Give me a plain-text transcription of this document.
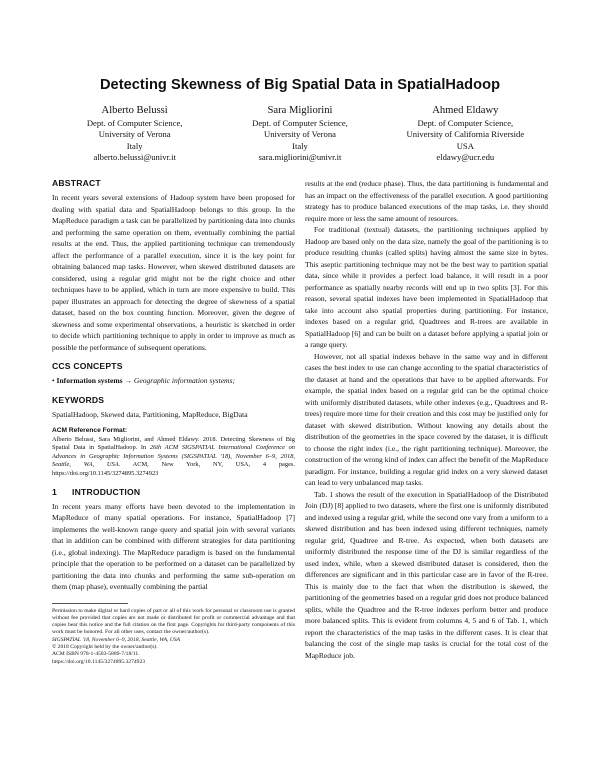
Detecting Skewness of Big Spatial Data in SpatialHadoop
Alberto Belussi
Dept. of Computer Science,
University of Verona
Italy
alberto.belussi@univr.it
Sara Migliorini
Dept. of Computer Science,
University of Verona
Italy
sara.migliorini@univr.it
Ahmed Eldawy
Dept. of Computer Science,
University of California Riverside
USA
eldawy@ucr.edu
ABSTRACT

In recent years several extensions of Hadoop system have been proposed for dealing with spatial data and SpatialHadoop belongs to this group. In the MapReduce paradigm a task can be parallelized by partitioning data into chunks and performing the same operation on them, eventually combining the partial results at the end. Thus, the applied partitioning technique can tremendously affect the performance of a parallel execution, since it is the key point for obtaining balanced map tasks. However, when skewed distributed datasets are considered, using a regular grid might not be the right choice and other techniques have to be applied, which in turn are more expensive to build. This paper illustrates an approach for detecting the degree of skewness of a spatial dataset, based on the box counting function. Moreover, given the degree of skewness and some experimental observations, a heuristic is sketched in order to decide which partitioning technique to apply in order to improve as much as possible the performance of subsequent operations.

CCS CONCEPTS
• Information systems → Geographic information systems;
KEYWORDS

SpatialHadoop, Skewed data, Partitioning, MapReduce, BigData

ACM Reference Format:
Alberto Belussi, Sara Migliorini, and Ahmed Eldawy. 2018. Detecting Skewness of Big Spatial Data in SpatialHadoop. In 26th ACM SIGSPATIAL International Conference on Advances in Geographic Information Systems (SIGSPATIAL '18), November 6–9, 2018, Seattle, WA, USA. ACM, New York, NY, USA, 4 pages. https://doi.org/10.1145/3274895.3274923
1 INTRODUCTION

In recent years many efforts have been devoted to the implementation in MapReduce of many spatial operations. For instance, SpatialHadoop [7] implements the well-known range query and spatial join with several variants that in addition can be combined with different strategies for data partitioning (i.e., global indexing). The MapReduce paradigm is based on the fundamental principle that the operation to be performed on a dataset can be parallelized by partitioning the data into chunks and performing the same sub-operation on them (map phase), eventually combining the partial

Permission to make digital or hard copies of part or all of this work for personal or classroom use is granted without fee provided that copies are not made or distributed for profit or commercial advantage and that copies bear this notice and the full citation on the first page. Copyrights for third-party components of this work must be honored. For all other uses, contact the owner/author(s).
SIGSPATIAL '18, November 6–9, 2018, Seattle, WA, USA
© 2018 Copyright held by the owner/author(s).
ACM ISBN 978-1-4503-5889-7/18/11.
https://doi.org/10.1145/3274895.3274923

results at the end (reduce phase). Thus, the data partitioning is fundamental and has an impact on the effectiveness of the parallel execution. A good partitioning strategy has to produce balanced executions of the map tasks, i.e. they should require more or less the same amount of resources.

For traditional (textual) datasets, the partitioning techniques applied by Hadoop are based only on the data size, namely the goal of the partitioning is to produce resulting chunks (called splits) having almost the same size in bytes. This aseptic partitioning technique may not be the best way to partition spatial data, since while it provides a perfect load balance, it will result in a poor performance as spatially nearby records will end up in two splits [3]. For this reason, several spatial indexes have been implemented in SpatialHadoop that take into account also spatial properties during partitioning. For instance, indexes based on a regular grid, Quadtrees and R-trees are available in SpatialHadoop [6] and can be built on a dataset before applying a spatial join or a range query.

However, not all spatial indexes behave in the same way and in different cases the best index to use can change according to the spatial characteristics of the dataset at hand and the operations that have to be applied afterwards. For example, the spatial index based on a regular grid can be the optimal choice with uniformly distributed datasets, while other indexes (e.g., Quadtrees and R-trees) require more time for their creation and this cost may be justified only for dataset with skewed distribution. Without knowing any details about the distribution of the geometries in the space covered by the dataset, it is difficult to choose the right index (i.e., the right partitioning technique). Moreover, the construction of the wrong kind of index can affect the benefit of the MapReduce paradigm. For instance, building a regular grid index on a very skewed dataset can lead to very unbalanced map tasks.

Tab. 1 shows the result of the execution in SpatialHadoop of the Distributed Join (DJ) [8] applied to two datasets, where the first one is uniformly distributed and indexed using a regular grid, while the second one vary from a uniform to a skewed distribution and has been indexed using different techniques, namely regular grid, Quadtree and R-tree. As expected, when both datasets are uniformly distributed the response time of the DJ is similar regardless of the used index, while, when a skewed distributed dataset is considered, then the differences are significant and in this particular case are in favor of the R-tree. This is mainly due to the fact that when the distribution is skewed, the partitioning of the geometries based on a regular grid does not produce balanced splits, while the Quadtree and the R-tree indexes perform better and produce more balanced splits. This is evident from columns 4, 5 and 6 of Tab. 1, which report the characteristics of the map tasks in the different cases. It is clear that balancing the cost of the single map tasks is crucial for the total cost of the MapReduce job.
